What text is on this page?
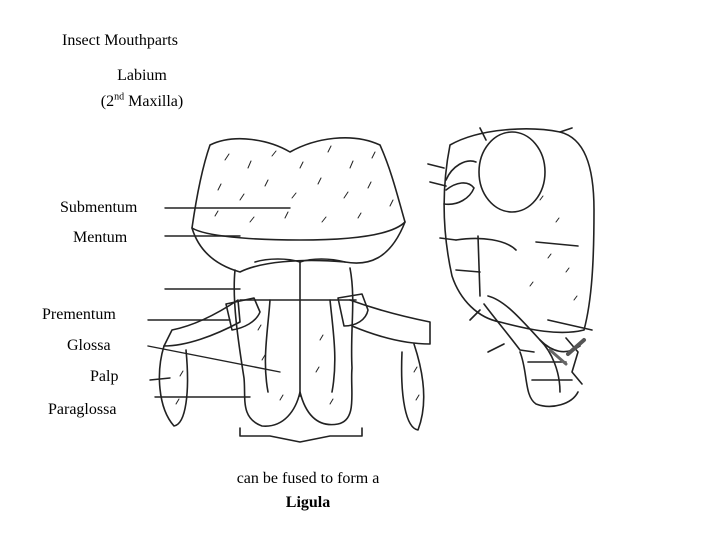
Insect Mouthparts
Labium
(2nd Maxilla)
Submentum
Mentum
Prementum
Glossa
Palp
Paraglossa
can be fused to form a
Ligula
